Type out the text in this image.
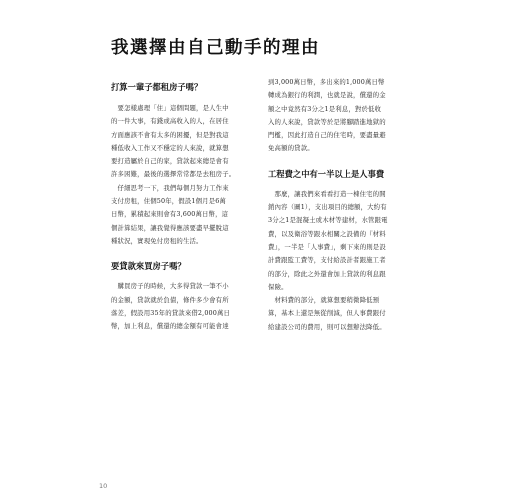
我選擇由自己動手的理由
打算一輩子都租房子嗎？

　要怎樣處理「住」這個問題，是人生中
的一件大事，有錢或高收入的人，在居住
方面應該不會有太多的困擾，但是對我這
種低收入工作又不穩定的人來說，就算想
要打造屬於自己的家，貸款起來總是會有
許多困難，最後的選擇常常都是去租房子。

　仔細思考一下，我們每個月努力工作來
支付房租，住個50年，假設1個月是6萬
日幣，累積起來則會有3,600萬日幣，這
個計算結果，讓我覺得應該要盡早擺脫這
種狀況，實現免付房租的生活。

要貸款來買房子嗎？

　購買房子的時候，大多得貸款一筆不小
的金額，貸款就於負債，條件多少會有所
落差，假設用35年的貸款來借2,000萬日
幣，加上利息，償還的總金額有可能會達

到3,000萬日幣，多出來的1,000萬日幣
轉成為銀行的利潤，也就是說，償還的金
額之中竟然有3分之1是利息，對於低收
入的人來說，貸款等於是將腳踏進地獄的
門檻，因此打造自己的住宅時，要盡量避
免高額的貸款。

工程費之中有一半以上是人事費

　那麼，讓我們來看看打造一棟住宅的開
銷內容（圖1），支出項目的總額，大約有
3分之1是混凝土或木材等建材，水管跟電
費，以及衛浴等跟水相關之設備的『材料
費』，一半是「人事費」，剩下來的則是設
計費跟監工費等，支付給設計者跟施工者
的部分，除此之外還會加上貸款的利息跟
保險。

　材料費的部分，就算想要稍微降低預
算，基本上還是無從削減，但人事費跟付
給建設公司的費用，則可以想辦法降低。

10
